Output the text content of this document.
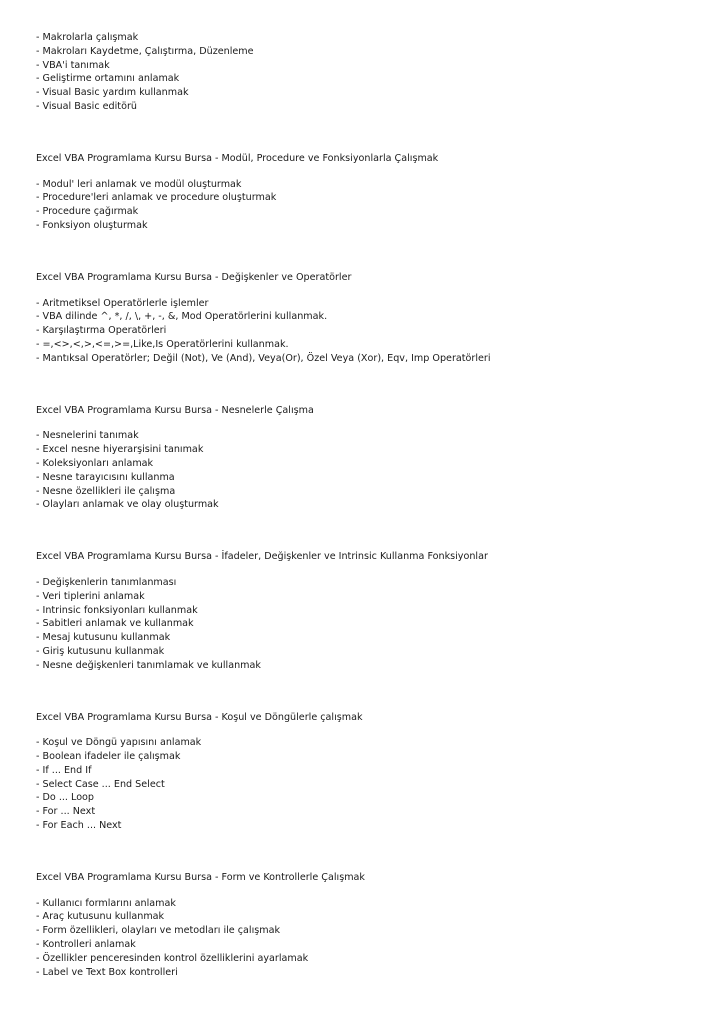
- Makrolarla çalışmak

- Makroları Kaydetme, Çalıştırma, Düzenleme

- VBA'i tanımak

- Geliştirme ortamını anlamak

- Visual Basic yardım kullanmak

- Visual Basic editörü

Excel VBA Programlama Kursu Bursa - Modül, Procedure ve Fonksiyonlarla Çalışmak

- Modul' leri anlamak ve modül oluşturmak

- Procedure'leri anlamak ve procedure oluşturmak

- Procedure çağırmak

- Fonksiyon oluşturmak

Excel VBA Programlama Kursu Bursa - Değişkenler ve Operatörler

- Aritmetiksel Operatörlerle işlemler

- VBA dilinde ^, *, /, \, +, -, &, Mod Operatörlerini kullanmak.

- Karşılaştırma Operatörleri

- =,<>,<,>,<=,>=,Like,Is Operatörlerini kullanmak.

- Mantıksal Operatörler; Değil (Not), Ve (And), Veya(Or), Özel Veya (Xor), Eqv, Imp Operatörleri

Excel VBA Programlama Kursu Bursa - Nesnelerle Çalışma

- Nesnelerini tanımak

- Excel nesne hiyerarşisini tanımak

- Koleksiyonları anlamak

- Nesne tarayıcısını kullanma

- Nesne özellikleri ile çalışma

- Olayları anlamak ve olay oluşturmak

Excel VBA Programlama Kursu Bursa - İfadeler, Değişkenler ve Intrinsic Kullanma Fonksiyonlar

- Değişkenlerin tanımlanması

- Veri tiplerini anlamak

- Intrinsic fonksiyonları kullanmak

- Sabitleri anlamak ve kullanmak

- Mesaj kutusunu kullanmak

- Giriş kutusunu kullanmak

- Nesne değişkenleri tanımlamak ve kullanmak

Excel VBA Programlama Kursu Bursa - Koşul ve Döngülerle çalışmak

- Koşul ve Döngü yapısını anlamak

- Boolean ifadeler ile çalışmak

- If ... End If

- Select Case ... End Select

- Do ... Loop

- For ... Next

- For Each ... Next

Excel VBA Programlama Kursu Bursa - Form ve Kontrollerle Çalışmak

- Kullanıcı formlarını anlamak

- Araç kutusunu kullanmak

- Form özellikleri, olayları ve metodları ile çalışmak

- Kontrolleri anlamak

- Özellikler penceresinden kontrol özelliklerini ayarlamak

- Label ve Text Box kontrolleri
